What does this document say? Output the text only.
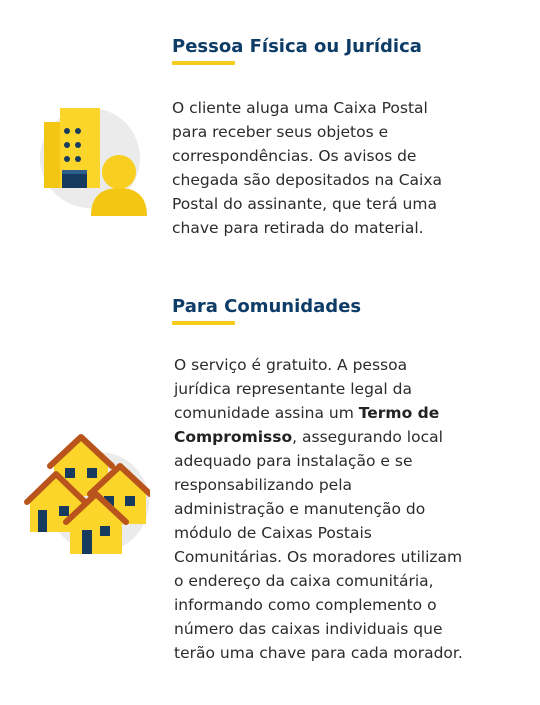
Pessoa Física ou Jurídica

O cliente aluga uma Caixa Postal
para receber seus objetos e
correspondências. Os avisos de
chegada são depositados na Caixa
Postal do assinante, que terá uma
chave para retirada do material.

Para Comunidades

O serviço é gratuito. A pessoa
jurídica representante legal da
comunidade assina um Termo de
Compromisso, assegurando local
adequado para instalação e se
responsabilizando pela
administração e manutenção do
módulo de Caixas Postais
Comunitárias. Os moradores utilizam
o endereço da caixa comunitária,
informando como complemento o
número das caixas individuais que
terão uma chave para cada morador.
